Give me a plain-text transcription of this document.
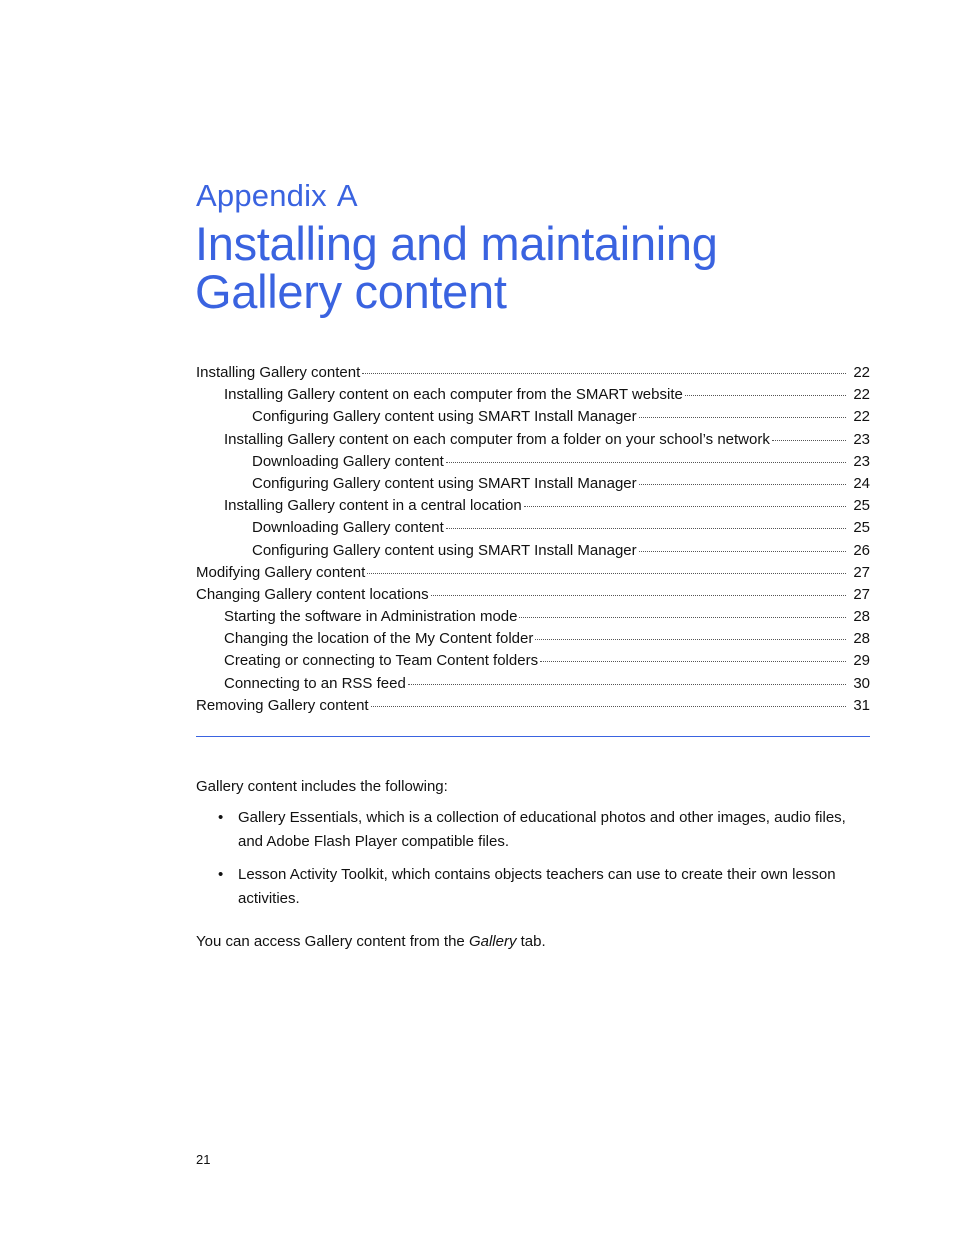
Appendix A
Installing and maintaining
Gallery content
Installing Gallery content	22
Installing Gallery content on each computer from the SMART website	22
Configuring Gallery content using SMART Install Manager	22
Installing Gallery content on each computer from a folder on your school’s network	23
Downloading Gallery content	23
Configuring Gallery content using SMART Install Manager	24
Installing Gallery content in a central location	25
Downloading Gallery content	25
Configuring Gallery content using SMART Install Manager	26
Modifying Gallery content	27
Changing Gallery content locations	27
Starting the software in Administration mode	28
Changing the location of the My Content folder	28
Creating or connecting to Team Content folders	29
Connecting to an RSS feed	30
Removing Gallery content	31

Gallery content includes the following:

• Gallery Essentials, which is a collection of educational photos and other images, audio files, and Adobe Flash Player compatible files.
• Lesson Activity Toolkit, which contains objects teachers can use to create their own lesson activities.

You can access Gallery content from the Gallery tab.

21
